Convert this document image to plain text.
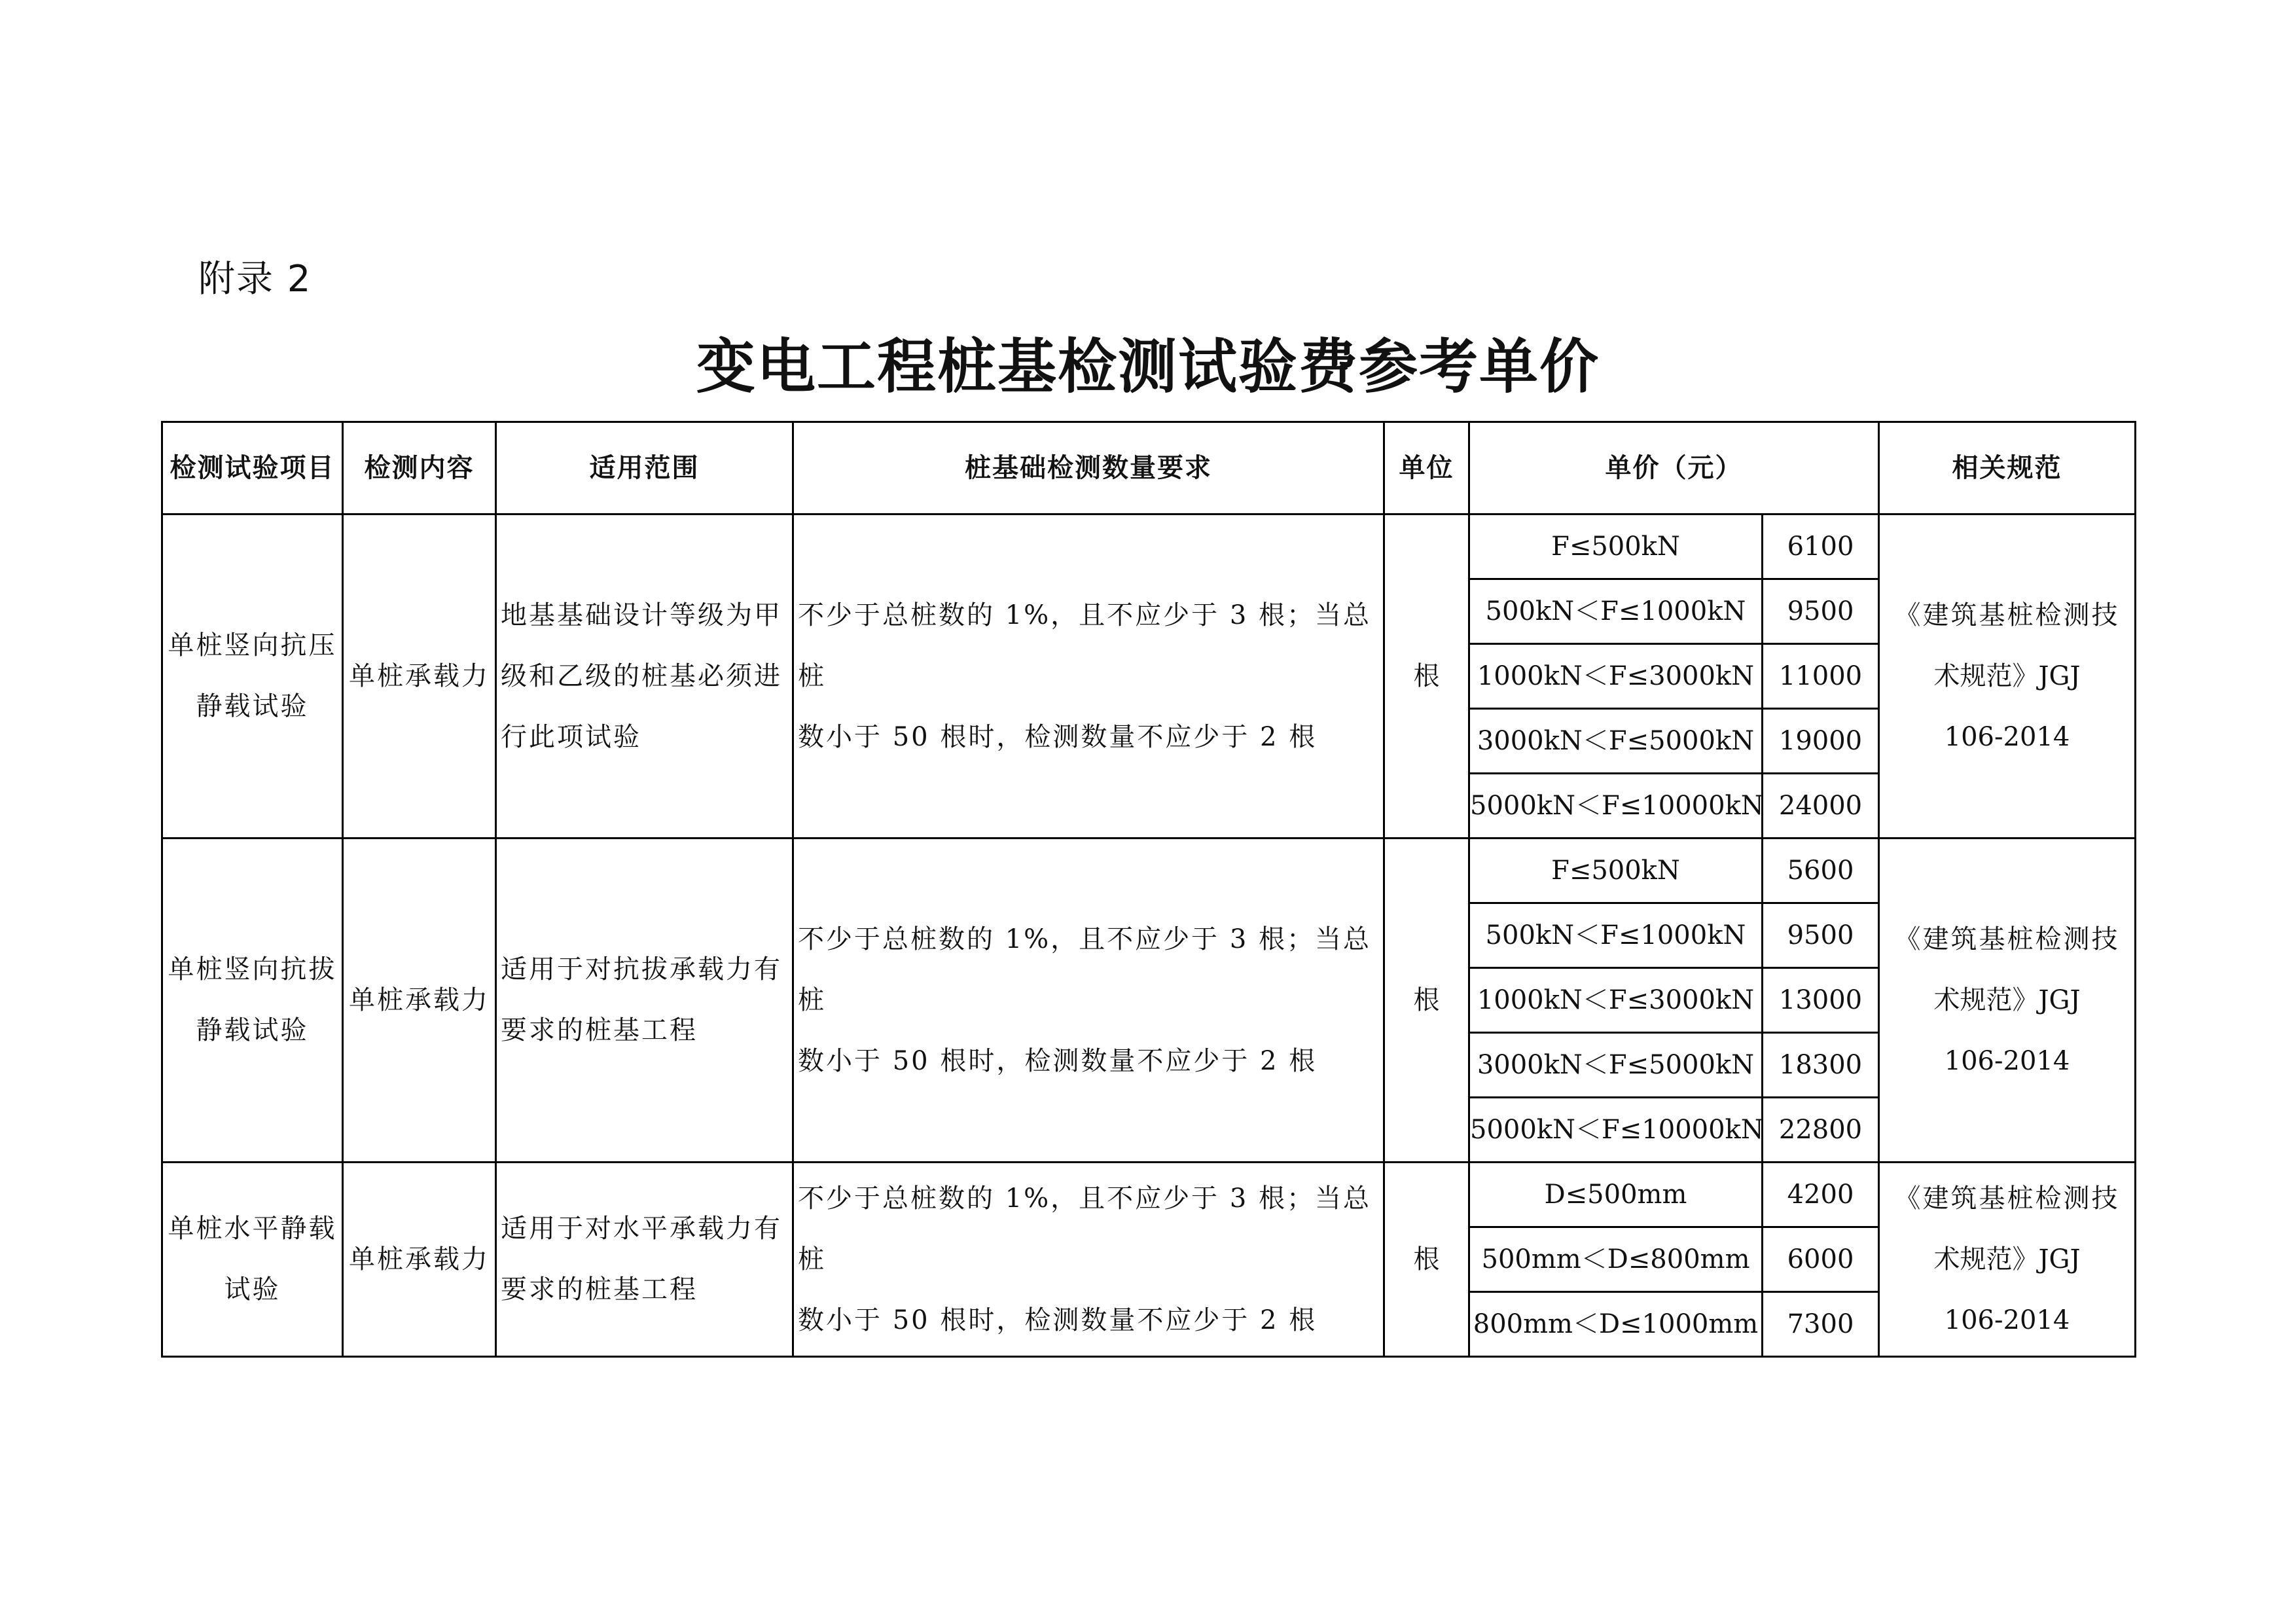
附录 2
变电工程桩基检测试验费参考单价
检测试验项目	检测内容	适用范围	桩基础检测数量要求	单位	单价（元）		相关规范

单桩竖向抗压
静载试验	单桩承载力	地基基础设计等级为甲
级和乙级的桩基必须进
行此项试验	不少于总桩数的 1%，且不应少于 3 根；当总桩
数小于 50 根时，检测数量不应少于 2 根	根	F≤500kN	6100	《建筑基桩检测技
术规范》JGJ
106-2014

					500kN＜F≤1000kN	9500	
					1000kN＜F≤3000kN	11000	
					3000kN＜F≤5000kN	19000	
					5000kN＜F≤10000kN	24000	

单桩竖向抗拔
静载试验	单桩承载力	适用于对抗拔承载力有
要求的桩基工程	不少于总桩数的 1%，且不应少于 3 根；当总桩
数小于 50 根时，检测数量不应少于 2 根	根	F≤500kN	5600	《建筑基桩检测技
术规范》JGJ
106-2014

					500kN＜F≤1000kN	9500	
					1000kN＜F≤3000kN	13000	
					3000kN＜F≤5000kN	18300	
					5000kN＜F≤10000kN	22800	

单桩水平静载
试验	单桩承载力	适用于对水平承载力有
要求的桩基工程	不少于总桩数的 1%，且不应少于 3 根；当总桩
数小于 50 根时，检测数量不应少于 2 根	根	D≤500mm	4200	《建筑基桩检测技
术规范》JGJ
106-2014

					500mm＜D≤800mm	6000	
					800mm＜D≤1000mm	7300	
